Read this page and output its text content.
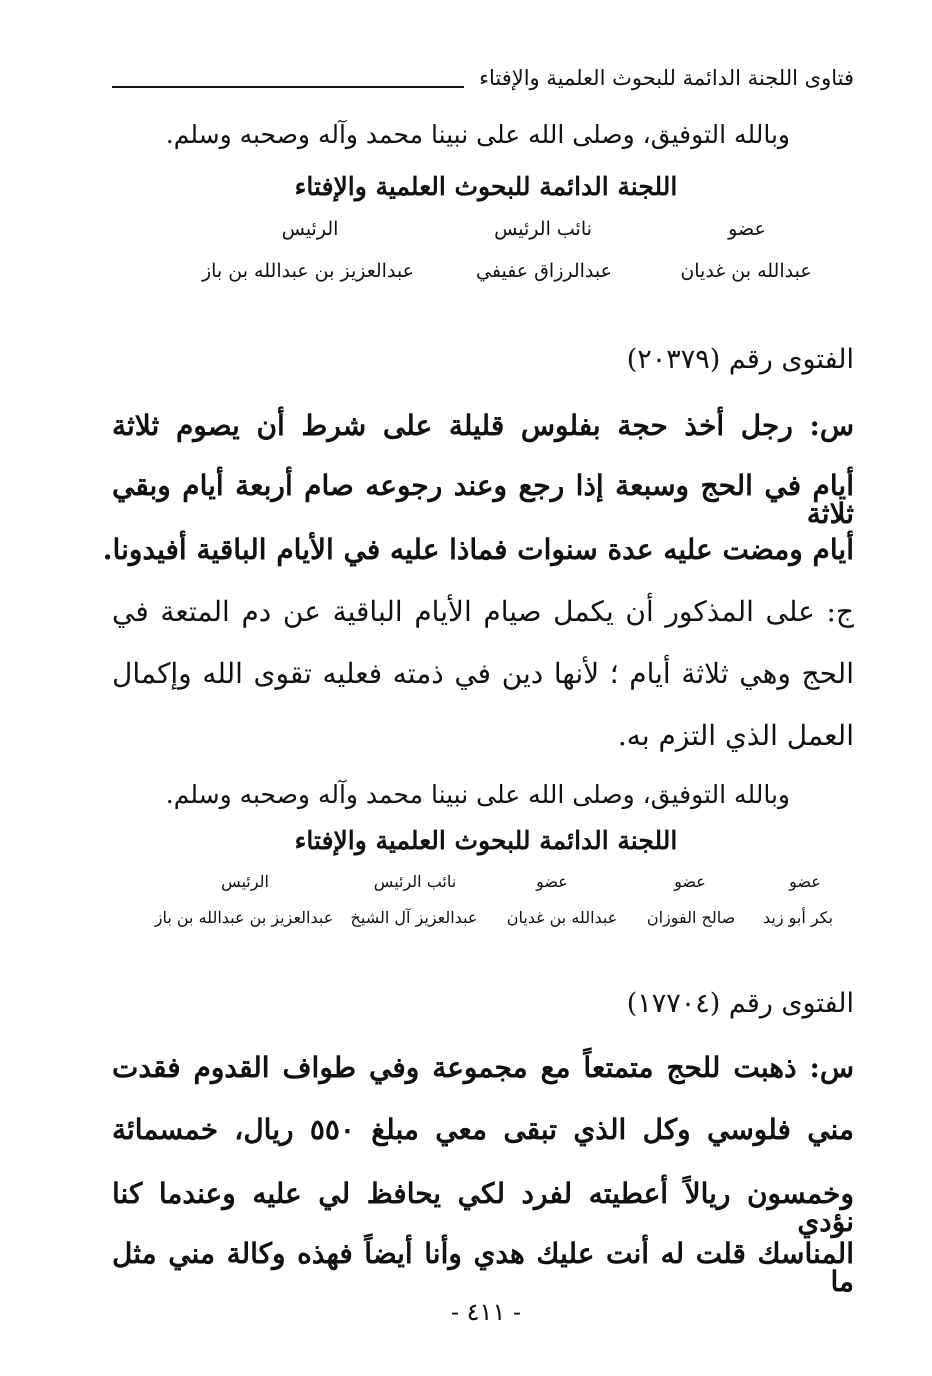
فتاوى اللجنة الدائمة للبحوث العلمية والإفتاء
وبالله التوفيق، وصلى الله على نبينا محمد وآله وصحبه وسلم.
اللجنة الدائمة للبحوث العلمية والإفتاء
عضو
نائب الرئيس
الرئيس
عبدالله بن غديان
عبدالرزاق عفيفي
عبدالعزيز بن عبدالله بن باز
الفتوى رقم (٢٠٣٧٩)
س: رجل أخذ حجة بفلوس قليلة على شرط أن يصوم ثلاثة
أيام في الحج وسبعة إذا رجع وعند رجوعه صام أربعة أيام وبقي ثلاثة
أيام ومضت عليه عدة سنوات فماذا عليه في الأيام الباقية أفيدونا.
ج: على المذكور أن يكمل صيام الأيام الباقية عن دم المتعة في
الحج وهي ثلاثة أيام ؛ لأنها دين في ذمته فعليه تقوى الله وإكمال
العمل الذي التزم به.
وبالله التوفيق، وصلى الله على نبينا محمد وآله وصحبه وسلم.
اللجنة الدائمة للبحوث العلمية والإفتاء
عضو
عضو
عضو
نائب الرئيس
الرئيس
بكر أبو زيد
صالح الفوزان
عبدالله بن غديان
عبدالعزيز آل الشيخ
عبدالعزيز بن عبدالله بن باز
الفتوى رقم (١٧٧٠٤)
س: ذهبت للحج متمتعاً مع مجموعة وفي طواف القدوم فقدت
مني فلوسي وكل الذي تبقى معي مبلغ ٥٥٠ ريال، خمسمائة
وخمسون ريالاً أعطيته لفرد لكي يحافظ لي عليه وعندما كنا نؤدي
المناسك قلت له أنت عليك هدي وأنا أيضاً فهذه وكالة مني مثل ما
- ٤١١ -
